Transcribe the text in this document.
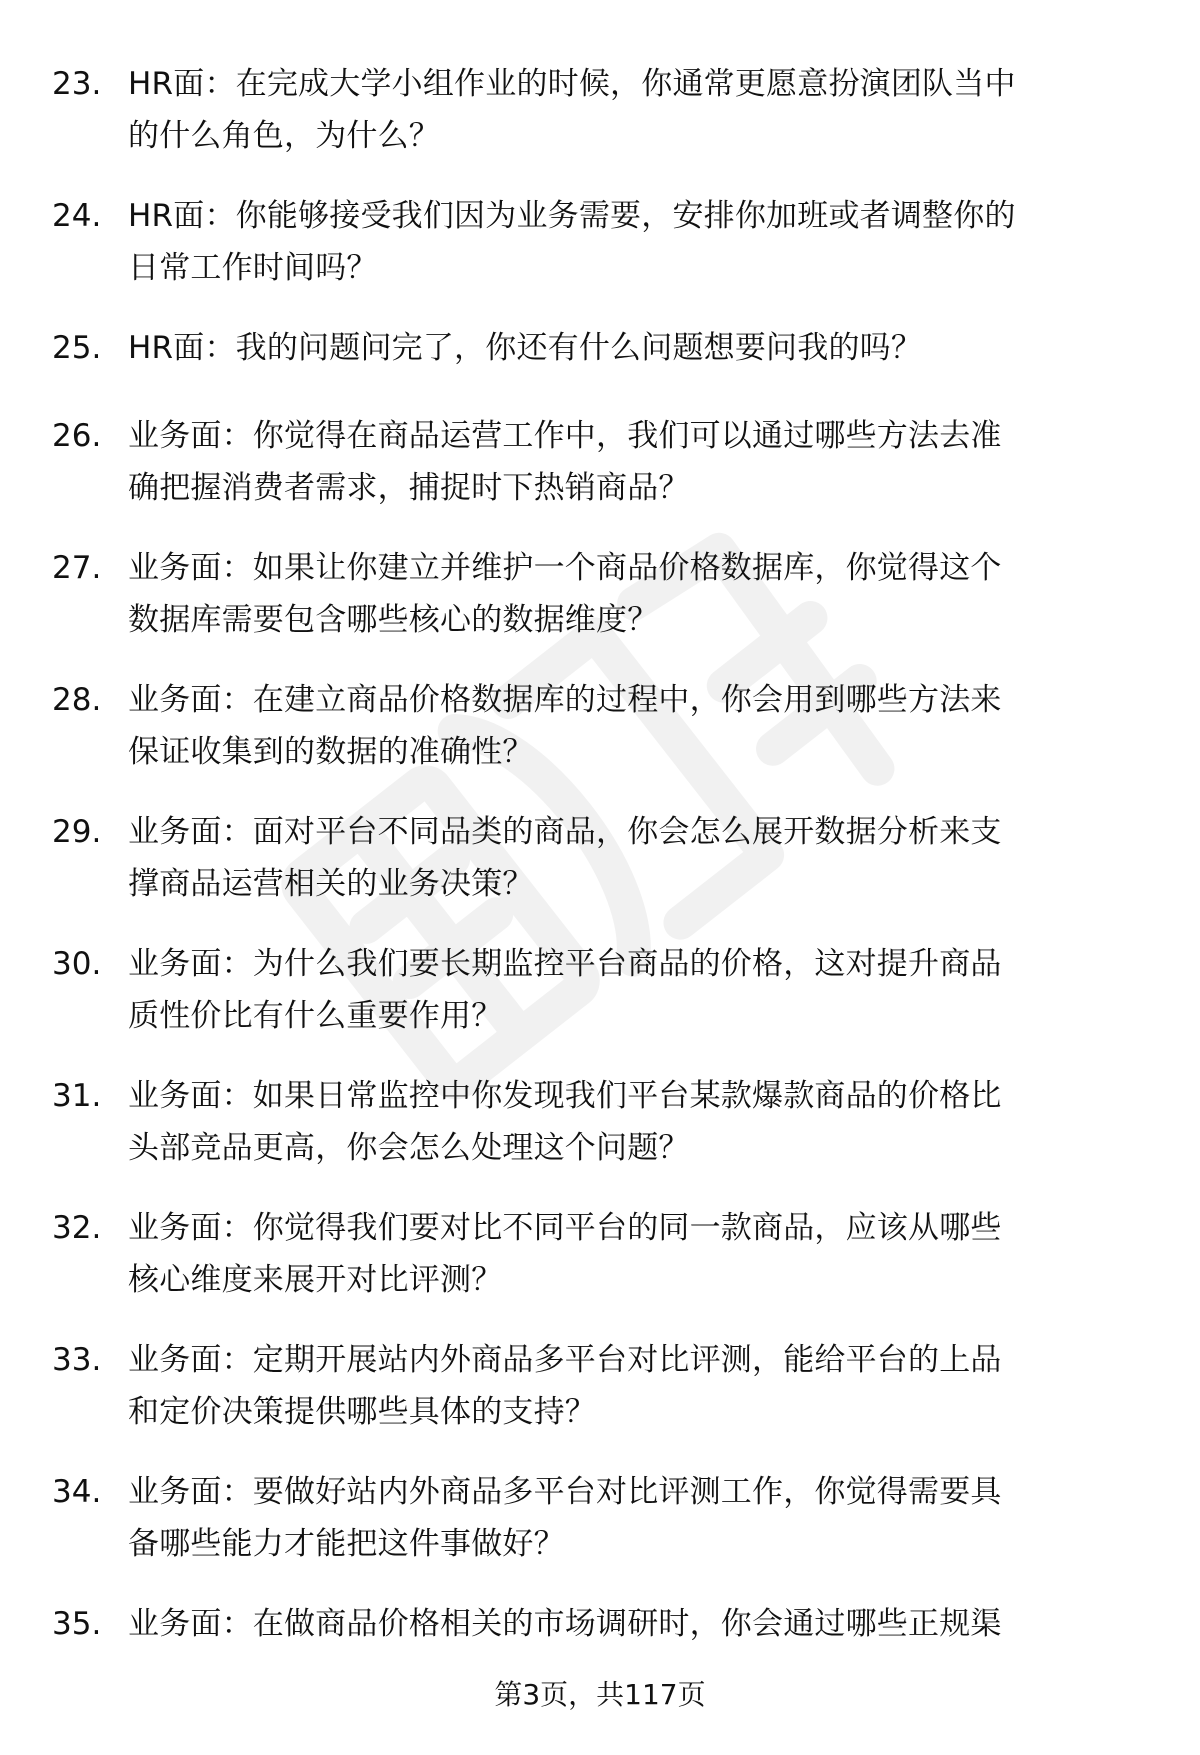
23. HR面：在完成大学小组作业的时候，你通常更愿意扮演团队当中
的什么角色，为什么？
24. HR面：你能够接受我们因为业务需要，安排你加班或者调整你的
日常工作时间吗？
25. HR面：我的问题问完了，你还有什么问题想要问我的吗？
26. 业务面：你觉得在商品运营工作中，我们可以通过哪些方法去准
确把握消费者需求，捕捉时下热销商品？
27. 业务面：如果让你建立并维护一个商品价格数据库，你觉得这个
数据库需要包含哪些核心的数据维度？
28. 业务面：在建立商品价格数据库的过程中，你会用到哪些方法来
保证收集到的数据的准确性？
29. 业务面：面对平台不同品类的商品，你会怎么展开数据分析来支
撑商品运营相关的业务决策？
30. 业务面：为什么我们要长期监控平台商品的价格，这对提升商品
质性价比有什么重要作用？
31. 业务面：如果日常监控中你发现我们平台某款爆款商品的价格比
头部竞品更高，你会怎么处理这个问题？
32. 业务面：你觉得我们要对比不同平台的同一款商品，应该从哪些
核心维度来展开对比评测？
33. 业务面：定期开展站内外商品多平台对比评测，能给平台的上品
和定价决策提供哪些具体的支持？
34. 业务面：要做好站内外商品多平台对比评测工作，你觉得需要具
备哪些能力才能把这件事做好？
35. 业务面：在做商品价格相关的市场调研时，你会通过哪些正规渠
第3页，共117页
